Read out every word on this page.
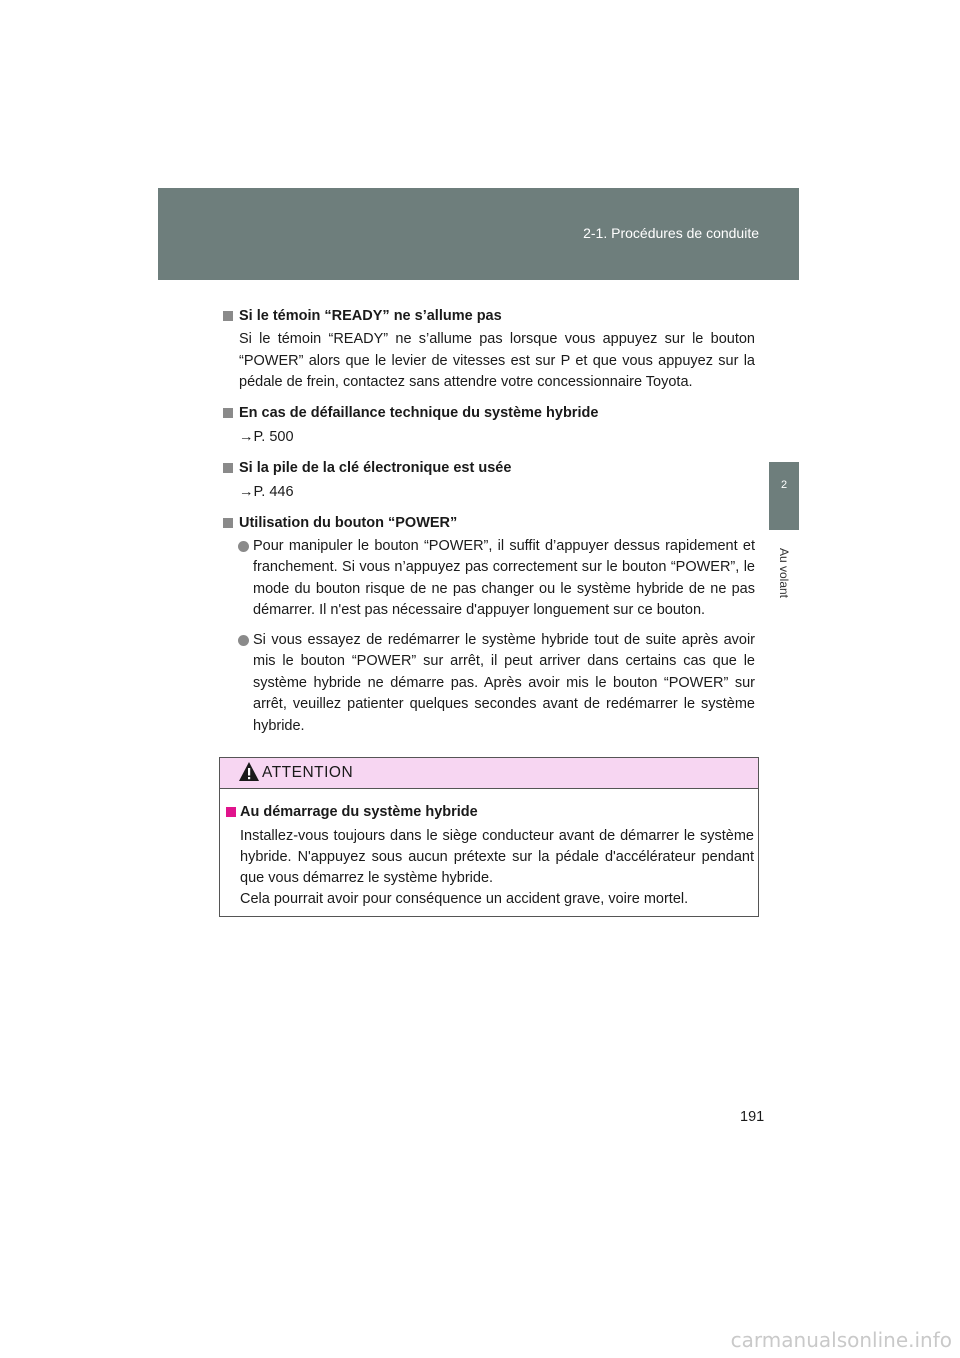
2-1. Procédures de conduite
2
Au volant
Si le témoin “READY” ne s’allume pas
Si le témoin “READY” ne s’allume pas lorsque vous appuyez sur le bouton “POWER” alors que le levier de vitesses est sur P et que vous appuyez sur la pédale de frein, contactez sans attendre votre concessionnaire Toyota.
En cas de défaillance technique du système hybride
→P. 500
Si la pile de la clé électronique est usée
→P. 446
Utilisation du bouton “POWER”
Pour manipuler le bouton “POWER”, il suffit d’appuyer dessus rapidement et franchement. Si vous n’appuyez pas correctement sur le bouton “POWER”, le mode du bouton risque de ne pas changer ou le système hybride de ne pas démarrer. Il n'est pas nécessaire d'appuyer longuement sur ce bouton.
Si vous essayez de redémarrer le système hybride tout de suite après avoir mis le bouton “POWER” sur arrêt, il peut arriver dans certains cas que le système hybride ne démarre pas. Après avoir mis le bouton “POWER” sur arrêt, veuillez patienter quelques secondes avant de redémarrer le système hybride.
ATTENTION
Au démarrage du système hybride
Installez-vous toujours dans le siège conducteur avant de démarrer le système hybride. N'appuyez sous aucun prétexte sur la pédale d'accélérateur pendant que vous démarrez le système hybride.
Cela pourrait avoir pour conséquence un accident grave, voire mortel.
191
carmanualsonline.info
